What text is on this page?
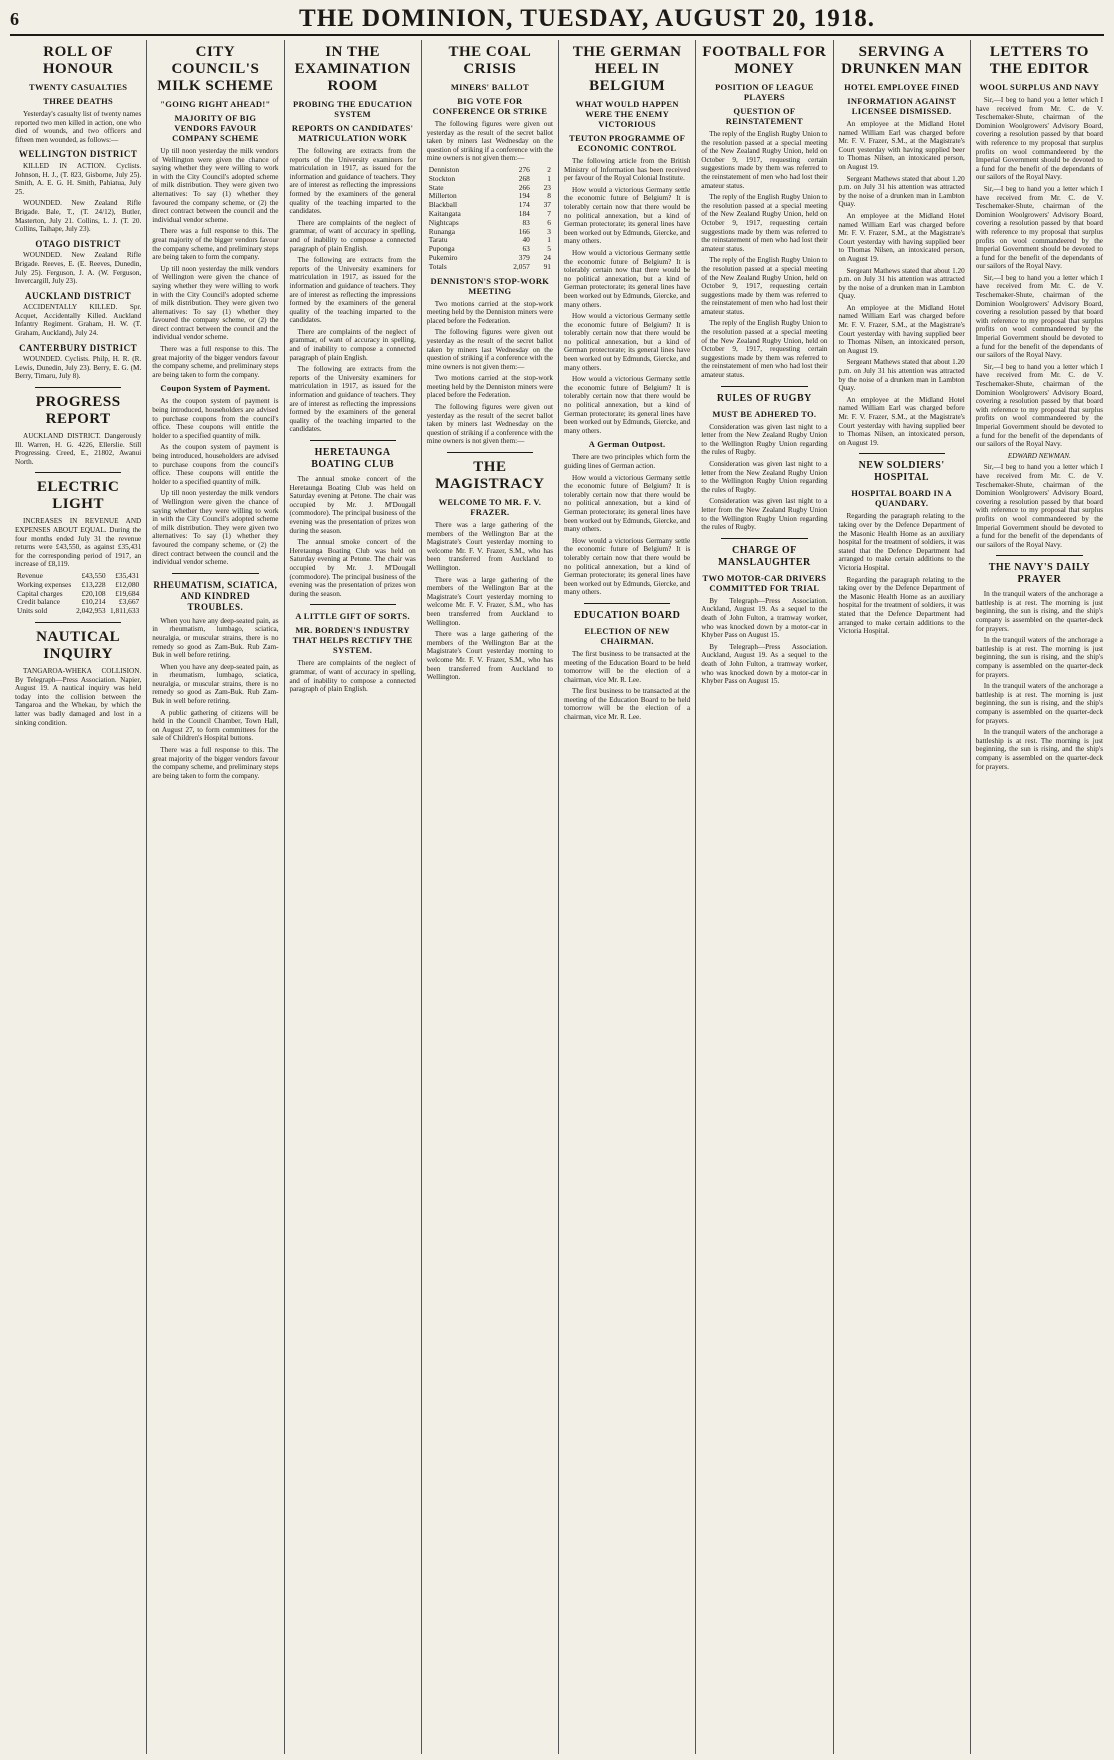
6	THE DOMINION, TUESDAY, AUGUST 20, 1918.
ROLL OF HONOUR
TWENTY CASUALTIES
THREE DEATHS

Yesterday's casualty list of twenty names reported two men killed in action, one who died of wounds, and two officers and fifteen men wounded, as follows:—

WELLINGTON DISTRICT

KILLED IN ACTION. Cyclists. Johnson, H. J., (T. 823, Gisborne, July 25). Smith, A. E. G. H. Smith, Pahiatua, July 25.

WOUNDED. New Zealand Rifle Brigade. Bale, T., (T. 24/12), Butler, Masterton, July 21. Collins, L. J. (T. 20. Collins, Taihape, July 23).

OTAGO DISTRICT

WOUNDED. New Zealand Rifle Brigade. Reeves, E. (E. Reeves, Dunedin, July 25). Ferguson, J. A. (W. Ferguson, Invercargill, July 23).

AUCKLAND DISTRICT

ACCIDENTALLY KILLED. Spr. Acquet, Accidentally Killed. Auckland Infantry Regiment. Graham, H. W. (T. Graham, Auckland), July 24.

CANTERBURY DISTRICT

WOUNDED. Cyclists. Philp, H. R. (R. Lewis, Dunedin, July 23). Berry, E. G. (M. Berry, Timaru, July 8).

PROGRESS REPORT

AUCKLAND DISTRICT. Dangerously Ill. Warren, H. G. 4226, Ellerslie. Still Progressing. Creed, E., 21802, Awanui North.

ELECTRIC LIGHT

INCREASES IN REVENUE AND EXPENSES ABOUT EQUAL. During the four months ended July 31 the revenue returns were £43,550, as against £35,431 for the corresponding period of 1917, an increase of £8,119.

Revenue	£43,550	£35,431
Working expenses	£13,228	£12,080
Capital charges	£20,108	£19,684
Credit balance	£10,214	£3,667
Units sold	2,042,953	1,811,633
NAUTICAL INQUIRY

TANGAROA-WHEKA COLLISION. By Telegraph—Press Association. Napier, August 19. A nautical inquiry was held today into the collision between the Tangaroa and the Whekau, by which the latter was badly damaged and lost in a sinking condition.

CITY COUNCIL'S MILK SCHEME
"GOING RIGHT AHEAD!"
MAJORITY OF BIG VENDORS FAVOUR COMPANY SCHEME

Up till noon yesterday the milk vendors of Wellington were given the chance of saying whether they were willing to work in with the City Council's adopted scheme of milk distribution. They were given two alternatives: To say (1) whether they favoured the company scheme, or (2) the direct contract between the council and the individual vendor scheme.

There was a full response to this. The great majority of the bigger vendors favour the company scheme, and preliminary steps are being taken to form the company.

Up till noon yesterday the milk vendors of Wellington were given the chance of saying whether they were willing to work in with the City Council's adopted scheme of milk distribution. They were given two alternatives: To say (1) whether they favoured the company scheme, or (2) the direct contract between the council and the individual vendor scheme.

There was a full response to this. The great majority of the bigger vendors favour the company scheme, and preliminary steps are being taken to form the company.

Coupon System of Payment.

As the coupon system of payment is being introduced, householders are advised to purchase coupons from the council's office. These coupons will entitle the holder to a specified quantity of milk.

As the coupon system of payment is being introduced, householders are advised to purchase coupons from the council's office. These coupons will entitle the holder to a specified quantity of milk.

Up till noon yesterday the milk vendors of Wellington were given the chance of saying whether they were willing to work in with the City Council's adopted scheme of milk distribution. They were given two alternatives: To say (1) whether they favoured the company scheme, or (2) the direct contract between the council and the individual vendor scheme.

RHEUMATISM, SCIATICA, AND KINDRED TROUBLES.

When you have any deep-seated pain, as in rheumatism, lumbago, sciatica, neuralgia, or muscular strains, there is no remedy so good as Zam-Buk. Rub Zam-Buk in well before retiring.

When you have any deep-seated pain, as in rheumatism, lumbago, sciatica, neuralgia, or muscular strains, there is no remedy so good as Zam-Buk. Rub Zam-Buk in well before retiring.

A public gathering of citizens will be held in the Council Chamber, Town Hall, on August 27, to form committees for the sale of Children's Hospital buttons.

There was a full response to this. The great majority of the bigger vendors favour the company scheme, and preliminary steps are being taken to form the company.

IN THE EXAMINATION ROOM
PROBING THE EDUCATION SYSTEM
REPORTS ON CANDIDATES' MATRICULATION WORK

The following are extracts from the reports of the University examiners for matriculation in 1917, as issued for the information and guidance of teachers. They are of interest as reflecting the impressions formed by the examiners of the general quality of the teaching imparted to the candidates.

There are complaints of the neglect of grammar, of want of accuracy in spelling, and of inability to compose a connected paragraph of plain English.

The following are extracts from the reports of the University examiners for matriculation in 1917, as issued for the information and guidance of teachers. They are of interest as reflecting the impressions formed by the examiners of the general quality of the teaching imparted to the candidates.

There are complaints of the neglect of grammar, of want of accuracy in spelling, and of inability to compose a connected paragraph of plain English.

The following are extracts from the reports of the University examiners for matriculation in 1917, as issued for the information and guidance of teachers. They are of interest as reflecting the impressions formed by the examiners of the general quality of the teaching imparted to the candidates.

HERETAUNGA BOATING CLUB

The annual smoke concert of the Heretaunga Boating Club was held on Saturday evening at Petone. The chair was occupied by Mr. J. M'Dougall (commodore). The principal business of the evening was the presentation of prizes won during the season.

The annual smoke concert of the Heretaunga Boating Club was held on Saturday evening at Petone. The chair was occupied by Mr. J. M'Dougall (commodore). The principal business of the evening was the presentation of prizes won during the season.

A LITTLE GIFT OF SORTS.
MR. BORDEN'S INDUSTRY THAT HELPS RECTIFY THE SYSTEM.

There are complaints of the neglect of grammar, of want of accuracy in spelling, and of inability to compose a connected paragraph of plain English.

THE COAL CRISIS
MINERS' BALLOT
BIG VOTE FOR CONFERENCE OR STRIKE

The following figures were given out yesterday as the result of the secret ballot taken by miners last Wednesday on the question of striking if a conference with the mine owners is not given them:—

Denniston	276	2
Stockton	268	1
State	266	23
Millerton	194	8
Blackball	174	37
Kaitangata	184	7
Nightcaps	83	6
Runanga	166	3
Taratu	40	1
Puponga	63	5
Pukemiro	379	24
Totals	2,057	91
DENNISTON'S STOP-WORK MEETING

Two motions carried at the stop-work meeting held by the Denniston miners were placed before the Federation.

The following figures were given out yesterday as the result of the secret ballot taken by miners last Wednesday on the question of striking if a conference with the mine owners is not given them:—

Two motions carried at the stop-work meeting held by the Denniston miners were placed before the Federation.

The following figures were given out yesterday as the result of the secret ballot taken by miners last Wednesday on the question of striking if a conference with the mine owners is not given them:—

THE MAGISTRACY
WELCOME TO MR. F. V. FRAZER.

There was a large gathering of the members of the Wellington Bar at the Magistrate's Court yesterday morning to welcome Mr. F. V. Frazer, S.M., who has been transferred from Auckland to Wellington.

There was a large gathering of the members of the Wellington Bar at the Magistrate's Court yesterday morning to welcome Mr. F. V. Frazer, S.M., who has been transferred from Auckland to Wellington.

There was a large gathering of the members of the Wellington Bar at the Magistrate's Court yesterday morning to welcome Mr. F. V. Frazer, S.M., who has been transferred from Auckland to Wellington.

THE GERMAN HEEL IN BELGIUM
WHAT WOULD HAPPEN WERE THE ENEMY VICTORIOUS
TEUTON PROGRAMME OF ECONOMIC CONTROL

The following article from the British Ministry of Information has been received per favour of the Royal Colonial Institute.

How would a victorious Germany settle the economic future of Belgium? It is tolerably certain now that there would be no political annexation, but a kind of German protectorate; its general lines have been worked out by Edmunds, Giercke, and many others.

How would a victorious Germany settle the economic future of Belgium? It is tolerably certain now that there would be no political annexation, but a kind of German protectorate; its general lines have been worked out by Edmunds, Giercke, and many others.

How would a victorious Germany settle the economic future of Belgium? It is tolerably certain now that there would be no political annexation, but a kind of German protectorate; its general lines have been worked out by Edmunds, Giercke, and many others.

How would a victorious Germany settle the economic future of Belgium? It is tolerably certain now that there would be no political annexation, but a kind of German protectorate; its general lines have been worked out by Edmunds, Giercke, and many others.

A German Outpost.

There are two principles which form the guiding lines of German action.

How would a victorious Germany settle the economic future of Belgium? It is tolerably certain now that there would be no political annexation, but a kind of German protectorate; its general lines have been worked out by Edmunds, Giercke, and many others.

How would a victorious Germany settle the economic future of Belgium? It is tolerably certain now that there would be no political annexation, but a kind of German protectorate; its general lines have been worked out by Edmunds, Giercke, and many others.

EDUCATION BOARD
ELECTION OF NEW CHAIRMAN.

The first business to be transacted at the meeting of the Education Board to be held tomorrow will be the election of a chairman, vice Mr. R. Lee.

The first business to be transacted at the meeting of the Education Board to be held tomorrow will be the election of a chairman, vice Mr. R. Lee.

FOOTBALL FOR MONEY
POSITION OF LEAGUE PLAYERS
QUESTION OF REINSTATEMENT

The reply of the English Rugby Union to the resolution passed at a special meeting of the New Zealand Rugby Union, held on October 9, 1917, requesting certain suggestions made by them was referred to the reinstatement of men who had lost their amateur status.

The reply of the English Rugby Union to the resolution passed at a special meeting of the New Zealand Rugby Union, held on October 9, 1917, requesting certain suggestions made by them was referred to the reinstatement of men who had lost their amateur status.

The reply of the English Rugby Union to the resolution passed at a special meeting of the New Zealand Rugby Union, held on October 9, 1917, requesting certain suggestions made by them was referred to the reinstatement of men who had lost their amateur status.

The reply of the English Rugby Union to the resolution passed at a special meeting of the New Zealand Rugby Union, held on October 9, 1917, requesting certain suggestions made by them was referred to the reinstatement of men who had lost their amateur status.

RULES OF RUGBY
MUST BE ADHERED TO.

Consideration was given last night to a letter from the New Zealand Rugby Union to the Wellington Rugby Union regarding the rules of Rugby.

Consideration was given last night to a letter from the New Zealand Rugby Union to the Wellington Rugby Union regarding the rules of Rugby.

Consideration was given last night to a letter from the New Zealand Rugby Union to the Wellington Rugby Union regarding the rules of Rugby.

CHARGE OF MANSLAUGHTER
TWO MOTOR-CAR DRIVERS COMMITTED FOR TRIAL

By Telegraph—Press Association. Auckland, August 19. As a sequel to the death of John Fulton, a tramway worker, who was knocked down by a motor-car in Khyber Pass on August 15.

By Telegraph—Press Association. Auckland, August 19. As a sequel to the death of John Fulton, a tramway worker, who was knocked down by a motor-car in Khyber Pass on August 15.

SERVING A DRUNKEN MAN
HOTEL EMPLOYEE FINED
INFORMATION AGAINST LICENSEE DISMISSED.

An employee at the Midland Hotel named William Earl was charged before Mr. F. V. Frazer, S.M., at the Magistrate's Court yesterday with having supplied beer to Thomas Nilsen, an intoxicated person, on August 19.

Sergeant Mathews stated that about 1.20 p.m. on July 31 his attention was attracted by the noise of a drunken man in Lambton Quay.

An employee at the Midland Hotel named William Earl was charged before Mr. F. V. Frazer, S.M., at the Magistrate's Court yesterday with having supplied beer to Thomas Nilsen, an intoxicated person, on August 19.

Sergeant Mathews stated that about 1.20 p.m. on July 31 his attention was attracted by the noise of a drunken man in Lambton Quay.

An employee at the Midland Hotel named William Earl was charged before Mr. F. V. Frazer, S.M., at the Magistrate's Court yesterday with having supplied beer to Thomas Nilsen, an intoxicated person, on August 19.

Sergeant Mathews stated that about 1.20 p.m. on July 31 his attention was attracted by the noise of a drunken man in Lambton Quay.

An employee at the Midland Hotel named William Earl was charged before Mr. F. V. Frazer, S.M., at the Magistrate's Court yesterday with having supplied beer to Thomas Nilsen, an intoxicated person, on August 19.

NEW SOLDIERS' HOSPITAL
HOSPITAL BOARD IN A QUANDARY.

Regarding the paragraph relating to the taking over by the Defence Department of the Masonic Health Home as an auxiliary hospital for the treatment of soldiers, it was stated that the Defence Department had arranged to make certain additions to the Victoria Hospital.

Regarding the paragraph relating to the taking over by the Defence Department of the Masonic Health Home as an auxiliary hospital for the treatment of soldiers, it was stated that the Defence Department had arranged to make certain additions to the Victoria Hospital.

LETTERS TO THE EDITOR
WOOL SURPLUS AND NAVY

Sir,—I beg to hand you a letter which I have received from Mr. C. de V. Teschemaker-Shute, chairman of the Dominion Woolgrowers' Advisory Board, covering a resolution passed by that board with reference to my proposal that surplus profits on wool commandeered by the Imperial Government should be devoted to a fund for the benefit of the dependants of our sailors of the Royal Navy.

Sir,—I beg to hand you a letter which I have received from Mr. C. de V. Teschemaker-Shute, chairman of the Dominion Woolgrowers' Advisory Board, covering a resolution passed by that board with reference to my proposal that surplus profits on wool commandeered by the Imperial Government should be devoted to a fund for the benefit of the dependants of our sailors of the Royal Navy.

Sir,—I beg to hand you a letter which I have received from Mr. C. de V. Teschemaker-Shute, chairman of the Dominion Woolgrowers' Advisory Board, covering a resolution passed by that board with reference to my proposal that surplus profits on wool commandeered by the Imperial Government should be devoted to a fund for the benefit of the dependants of our sailors of the Royal Navy.

Sir,—I beg to hand you a letter which I have received from Mr. C. de V. Teschemaker-Shute, chairman of the Dominion Woolgrowers' Advisory Board, covering a resolution passed by that board with reference to my proposal that surplus profits on wool commandeered by the Imperial Government should be devoted to a fund for the benefit of the dependants of our sailors of the Royal Navy.

EDWARD NEWMAN.

Sir,—I beg to hand you a letter which I have received from Mr. C. de V. Teschemaker-Shute, chairman of the Dominion Woolgrowers' Advisory Board, covering a resolution passed by that board with reference to my proposal that surplus profits on wool commandeered by the Imperial Government should be devoted to a fund for the benefit of the dependants of our sailors of the Royal Navy.

THE NAVY'S DAILY PRAYER

In the tranquil waters of the anchorage a battleship is at rest. The morning is just beginning, the sun is rising, and the ship's company is assembled on the quarter-deck for prayers.

In the tranquil waters of the anchorage a battleship is at rest. The morning is just beginning, the sun is rising, and the ship's company is assembled on the quarter-deck for prayers.

In the tranquil waters of the anchorage a battleship is at rest. The morning is just beginning, the sun is rising, and the ship's company is assembled on the quarter-deck for prayers.

In the tranquil waters of the anchorage a battleship is at rest. The morning is just beginning, the sun is rising, and the ship's company is assembled on the quarter-deck for prayers.
